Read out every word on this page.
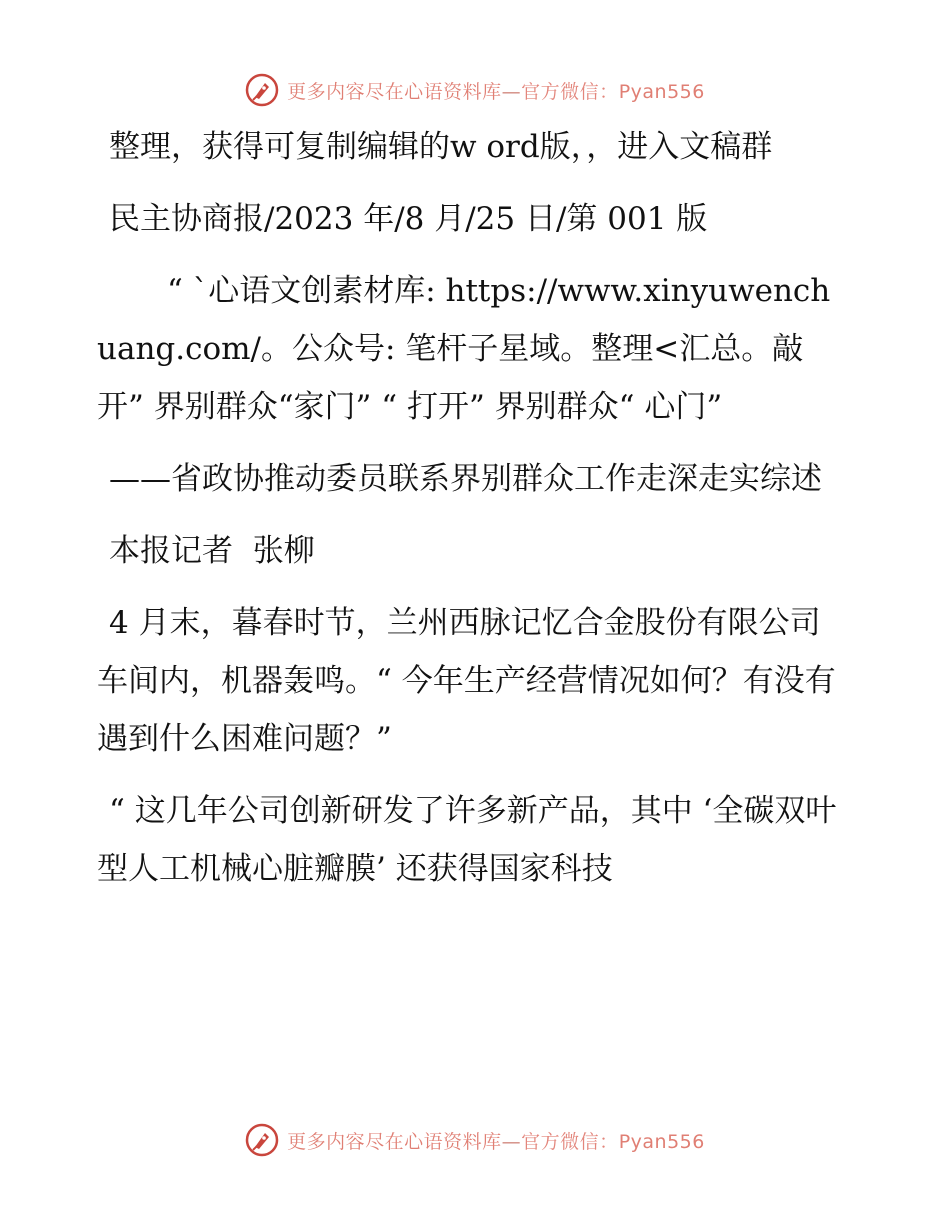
更多内容尽在心语资料库—官方微信：Pyan556

整理，获得可复制编辑的w ord版，，进入文稿群

民主协商报/2023 年/8 月/25 日/第 001 版

“ `心语文创素材库: https://www.xinyuwenchuang.com/。公众号: 笔杆子星域。整理<汇总。敲开” 界别群众“家门” “ 打开” 界别群众“ 心门”

——省政协推动委员联系界别群众工作走深走实综述

本报记者  张柳

4 月末，暮春时节，兰州西脉记忆合金股份有限公司车间内，机器轰鸣。“ 今年生产经营情况如何？有没有遇到什么困难问题？”

“ 这几年公司创新研发了许多新产品，其中 ‘全碳双叶型人工机械心脏瓣膜’ 还获得国家科技

更多内容尽在心语资料库—官方微信：Pyan556
